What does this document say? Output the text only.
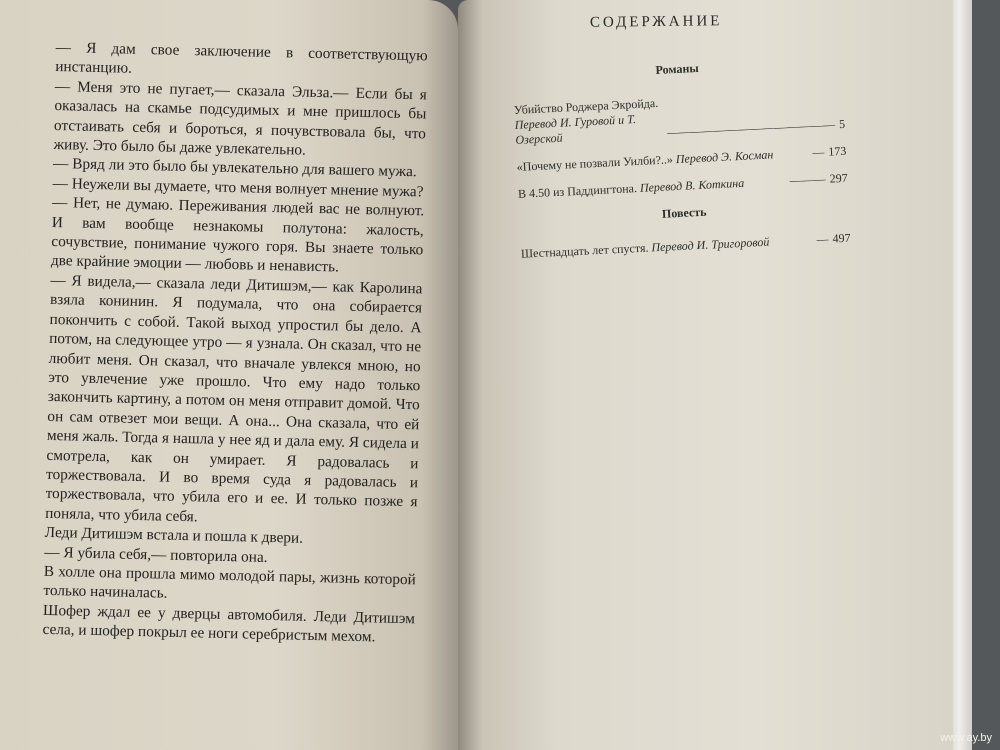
— Я дам свое заключение в соответствующую инстанцию.

— Меня это не пугает,— сказала Эльза.— Если бы я оказалась на скамье подсудимых и мне пришлось бы отстаивать себя и бороться, я почувствовала бы, что живу. Это было бы даже увлекательно.

— Вряд ли это было бы увлекательно для вашего мужа.

— Неужели вы думаете, что меня волнует мнение мужа?

— Нет, не думаю. Переживания людей вас не волнуют. И вам вообще незнакомы полутона: жалость, сочувствие, понимание чужого горя. Вы знаете только две крайние эмоции — любовь и ненависть.

— Я видела,— сказала леди Дитишэм,— как Каролина взяла конинин. Я подумала, что она собирается покончить с собой. Такой выход упростил бы дело. А потом, на следующее утро — я узнала. Он сказал, что не любит меня. Он сказал, что вначале увлекся мною, но это увлечение уже прошло. Что ему надо только закончить картину, а потом он меня отправит домой. Что он сам отвезет мои вещи. А она... Она сказала, что ей меня жаль. Тогда я нашла у нее яд и дала ему. Я сидела и смотрела, как он умирает. Я радовалась и торжествовала. И во время суда я радовалась и торжествовала, что убила его и ее. И только позже я поняла, что убила себя.

Леди Дитишэм встала и пошла к двери.

— Я убила себя,— повторила она.

В холле она прошла мимо молодой пары, жизнь которой только начиналась.

Шофер ждал ее у дверцы автомобиля. Леди Дитишэм села, и шофер покрыл ее ноги серебристым мехом.

СОДЕРЖАНИЕ
Романы
Убийство Роджера Экройда. Перевод И. Гуровой и Т. Озерской	—————————————— 5
«Почему не позвали Уилби?..» Перевод Э. Косман	— 173
В 4.50 из Паддингтона. Перевод В. Коткина	——— 297
Повесть
Шестнадцать лет спустя. Перевод И. Тригоровой	— 497
www.ay.by
